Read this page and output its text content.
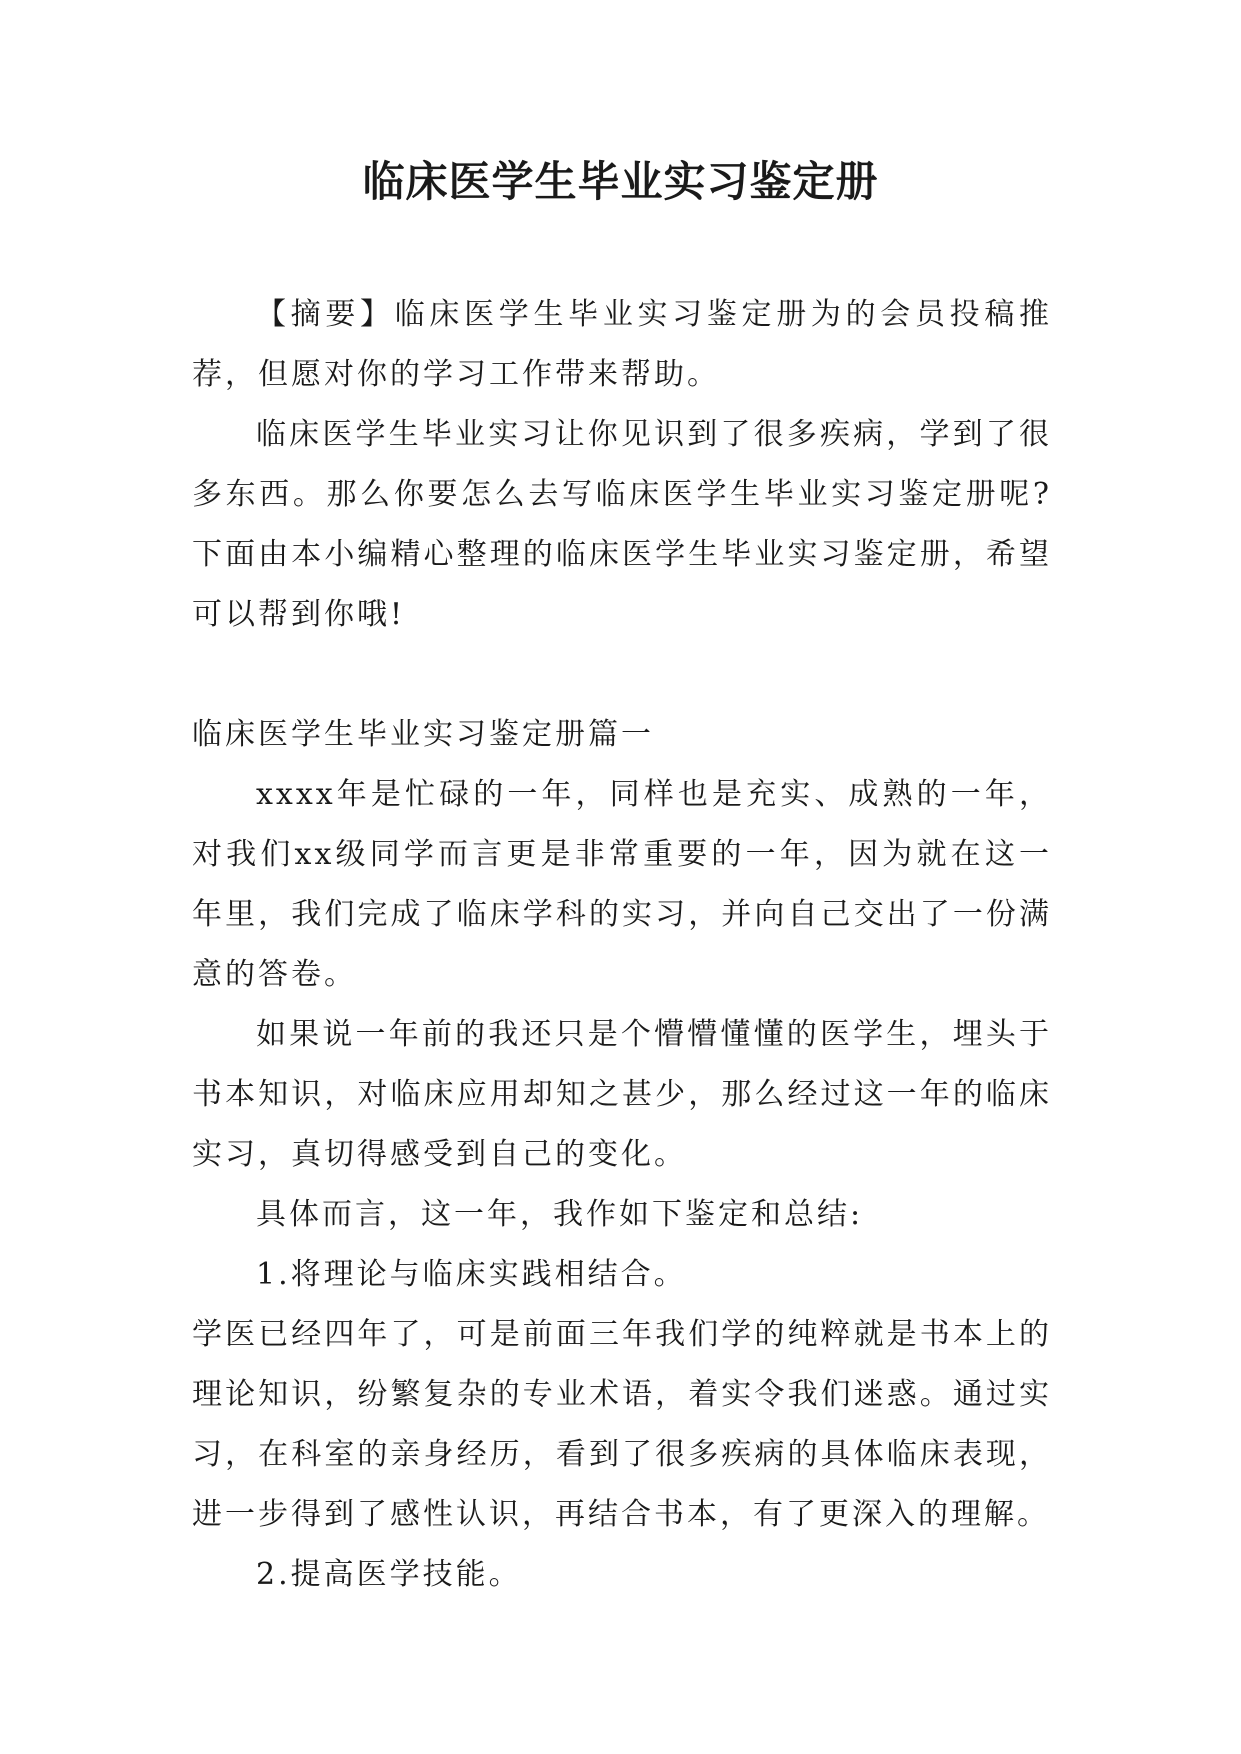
临床医学生毕业实习鉴定册

【摘要】临床医学生毕业实习鉴定册为的会员投稿推荐，但愿对你的学习工作带来帮助。

临床医学生毕业实习让你见识到了很多疾病，学到了很多东西。那么你要怎么去写临床医学生毕业实习鉴定册呢?下面由本小编精心整理的临床医学生毕业实习鉴定册，希望可以帮到你哦!

临床医学生毕业实习鉴定册篇一

xxxx年是忙碌的一年，同样也是充实、成熟的一年，对我们xx级同学而言更是非常重要的一年，因为就在这一年里，我们完成了临床学科的实习，并向自己交出了一份满意的答卷。

如果说一年前的我还只是个懵懵懂懂的医学生，埋头于书本知识，对临床应用却知之甚少，那么经过这一年的临床实习，真切得感受到自己的变化。

具体而言，这一年，我作如下鉴定和总结:

1.将理论与临床实践相结合。

学医已经四年了，可是前面三年我们学的纯粹就是书本上的理论知识，纷繁复杂的专业术语，着实令我们迷惑。通过实习，在科室的亲身经历，看到了很多疾病的具体临床表现，进一步得到了感性认识，再结合书本，有了更深入的理解。

2.提高医学技能。
